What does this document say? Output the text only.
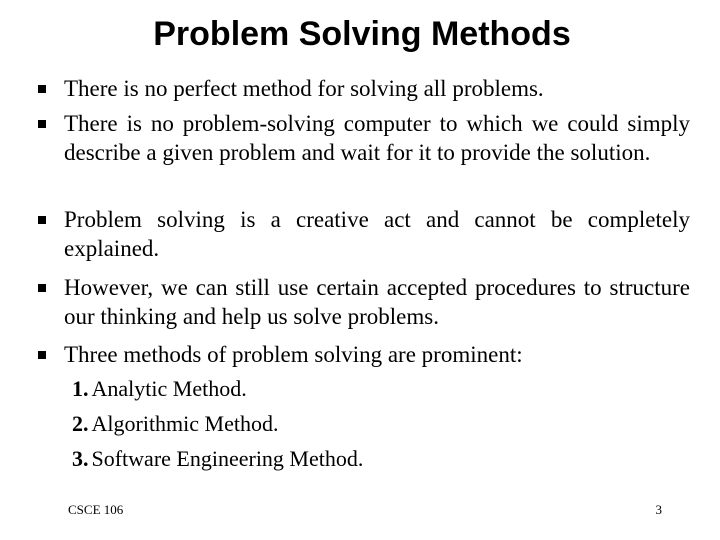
Problem Solving Methods
There is no perfect method for solving all problems.
There is no problem-solving computer to which we could simply describe a given problem and wait for it to provide the solution.
Problem solving is a creative act and cannot be completely explained.
However, we can still use certain accepted procedures to structure our thinking and help us solve problems.
Three methods of problem solving are prominent:
1. Analytic Method.
2. Algorithmic Method.
3. Software Engineering Method.
CSCE 106	3
